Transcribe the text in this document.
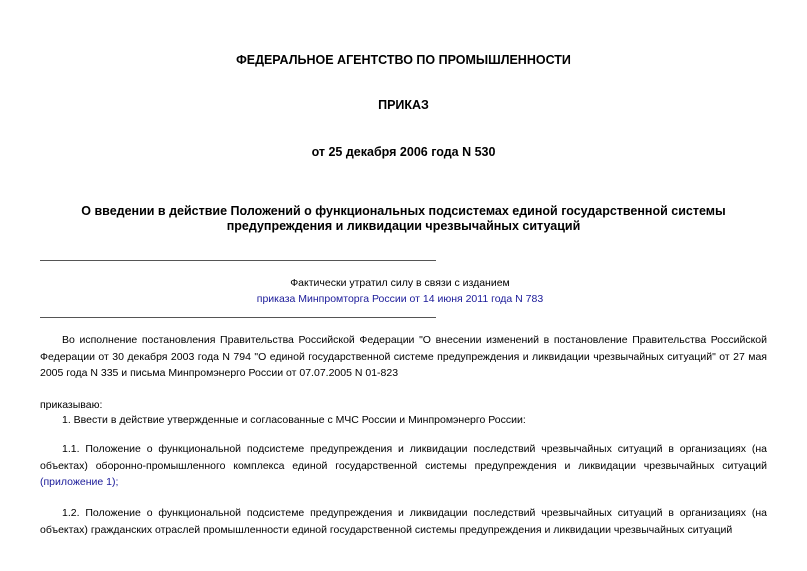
ФЕДЕРАЛЬНОЕ АГЕНТСТВО ПО ПРОМЫШЛЕННОСТИ
ПРИКАЗ
от 25 декабря 2006 года N 530
О введении в действие Положений о функциональных подсистемах единой государственной системы предупреждения и ликвидации чрезвычайных ситуаций
Фактически утратил силу в связи с изданием
приказа Минпромторга России от 14 июня 2011 года N 783
Во исполнение постановления Правительства Российской Федерации "О внесении изменений в постановление Правительства Российской Федерации от 30 декабря 2003 года N 794 "О единой государственной системе предупреждения и ликвидации чрезвычайных ситуаций" от 27 мая 2005 года N 335 и письма Минпромэнерго России от 07.07.2005 N 01-823
приказываю:
1. Ввести в действие утвержденные и согласованные с МЧС России и Минпромэнерго России:
1.1. Положение о функциональной подсистеме предупреждения и ликвидации последствий чрезвычайных ситуаций в организациях (на объектах) оборонно-промышленного комплекса единой государственной системы предупреждения и ликвидации чрезвычайных ситуаций (приложение 1);
1.2. Положение о функциональной подсистеме предупреждения и ликвидации последствий чрезвычайных ситуаций в организациях (на объектах) гражданских отраслей промышленности единой государственной системы предупреждения и ликвидации чрезвычайных ситуаций
